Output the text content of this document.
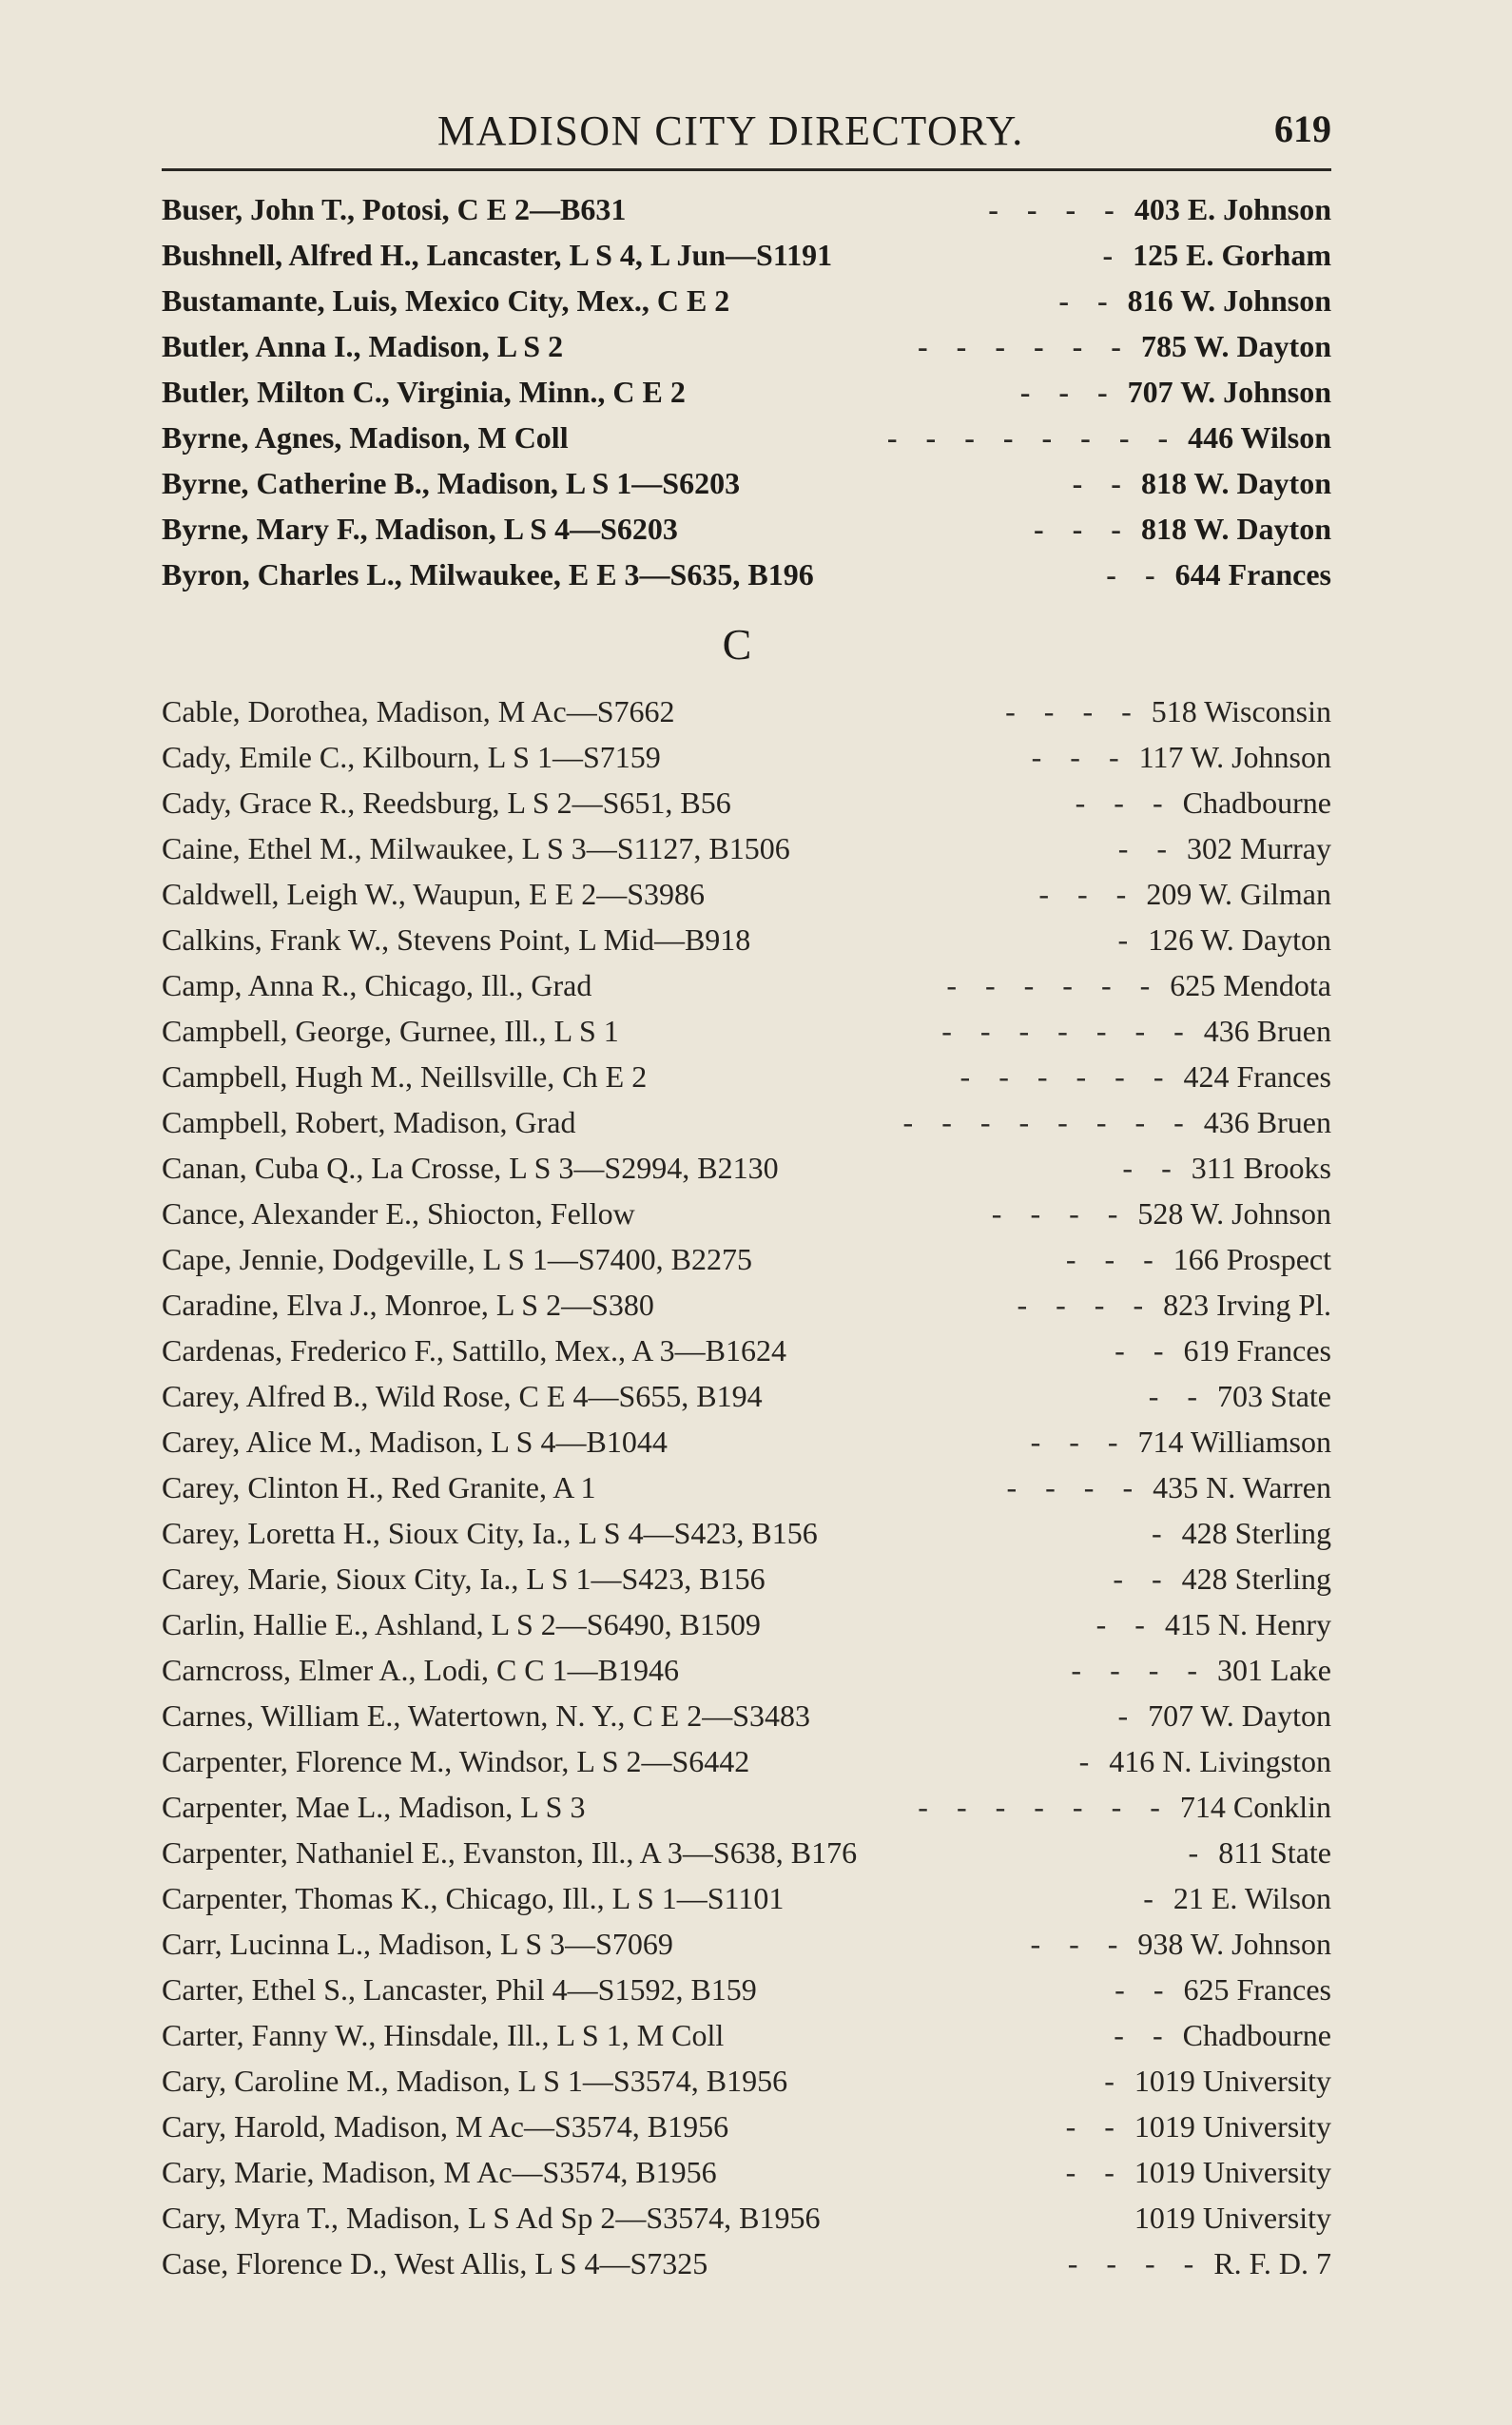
MADISON CITY DIRECTORY.	619
Buser, John T., Potosi, C E 2—B631	- - - - 403 E. Johnson
Bushnell, Alfred H., Lancaster, L S 4, L Jun—S1191	- 125 E. Gorham
Bustamante, Luis, Mexico City, Mex., C E 2	- - 816 W. Johnson
Butler, Anna I., Madison, L S 2	- - - - - - 785 W. Dayton
Butler, Milton C., Virginia, Minn., C E 2	- - - 707 W. Johnson
Byrne, Agnes, Madison, M Coll	- - - - - - - - 446 Wilson
Byrne, Catherine B., Madison, L S 1—S6203	- - 818 W. Dayton
Byrne, Mary F., Madison, L S 4—S6203	- - - 818 W. Dayton
Byron, Charles L., Milwaukee, E E 3—S635, B196	- - 644 Frances
C
Cable, Dorothea, Madison, M Ac—S7662	- - - - 518 Wisconsin
Cady, Emile C., Kilbourn, L S 1—S7159	- - - 117 W. Johnson
Cady, Grace R., Reedsburg, L S 2—S651, B56	- - - Chadbourne
Caine, Ethel M., Milwaukee, L S 3—S1127, B1506	- - 302 Murray
Caldwell, Leigh W., Waupun, E E 2—S3986	- - - 209 W. Gilman
Calkins, Frank W., Stevens Point, L Mid—B918	- 126 W. Dayton
Camp, Anna R., Chicago, Ill., Grad	- - - - - - 625 Mendota
Campbell, George, Gurnee, Ill., L S 1	- - - - - - - 436 Bruen
Campbell, Hugh M., Neillsville, Ch E 2	- - - - - - 424 Frances
Campbell, Robert, Madison, Grad	- - - - - - - - 436 Bruen
Canan, Cuba Q., La Crosse, L S 3—S2994, B2130	- - 311 Brooks
Cance, Alexander E., Shiocton, Fellow	- - - - 528 W. Johnson
Cape, Jennie, Dodgeville, L S 1—S7400, B2275	- - - 166 Prospect
Caradine, Elva J., Monroe, L S 2—S380	- - - - 823 Irving Pl.
Cardenas, Frederico F., Sattillo, Mex., A 3—B1624	- - 619 Frances
Carey, Alfred B., Wild Rose, C E 4—S655, B194	- - 703 State
Carey, Alice M., Madison, L S 4—B1044	- - - 714 Williamson
Carey, Clinton H., Red Granite, A 1	- - - - 435 N. Warren
Carey, Loretta H., Sioux City, Ia., L S 4—S423, B156	- 428 Sterling
Carey, Marie, Sioux City, Ia., L S 1—S423, B156	- - 428 Sterling
Carlin, Hallie E., Ashland, L S 2—S6490, B1509	- - 415 N. Henry
Carncross, Elmer A., Lodi, C C 1—B1946	- - - - 301 Lake
Carnes, William E., Watertown, N. Y., C E 2—S3483	- 707 W. Dayton
Carpenter, Florence M., Windsor, L S 2—S6442	- 416 N. Livingston
Carpenter, Mae L., Madison, L S 3	- - - - - - - 714 Conklin
Carpenter, Nathaniel E., Evanston, Ill., A 3—S638, B176	- 811 State
Carpenter, Thomas K., Chicago, Ill., L S 1—S1101	- 21 E. Wilson
Carr, Lucinna L., Madison, L S 3—S7069	- - - 938 W. Johnson
Carter, Ethel S., Lancaster, Phil 4—S1592, B159	- - 625 Frances
Carter, Fanny W., Hinsdale, Ill., L S 1, M Coll	- - Chadbourne
Cary, Caroline M., Madison, L S 1—S3574, B1956	- 1019 University
Cary, Harold, Madison, M Ac—S3574, B1956	- - 1019 University
Cary, Marie, Madison, M Ac—S3574, B1956	- - 1019 University
Cary, Myra T., Madison, L S Ad Sp 2—S3574, B1956	1019 University
Case, Florence D., West Allis, L S 4—S7325	- - - - R. F. D. 7
